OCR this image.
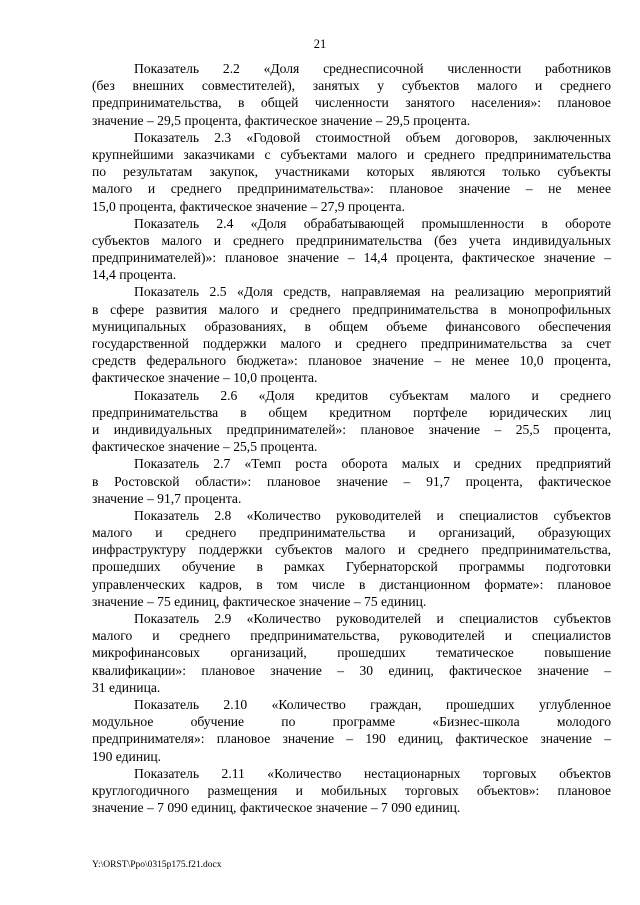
21

Показатель 2.2 «Доля среднесписочной численности работников
(без внешних совместителей), занятых у субъектов малого и среднего
предпринимательства, в общей численности занятого населения»: плановое
значение – 29,5 процента, фактическое значение – 29,5 процента.

Показатель 2.3 «Годовой стоимостной объем договоров, заключенных
крупнейшими заказчиками с субъектами малого и среднего предпринимательства
по результатам закупок, участниками которых являются только субъекты
малого и среднего предпринимательства»: плановое значение – не менее
15,0 процента, фактическое значение – 27,9 процента.

Показатель 2.4 «Доля обрабатывающей промышленности в обороте
субъектов малого и среднего предпринимательства (без учета индивидуальных
предпринимателей)»: плановое значение – 14,4 процента, фактическое значение –
14,4 процента.

Показатель 2.5 «Доля средств, направляемая на реализацию мероприятий
в сфере развития малого и среднего предпринимательства в монопрофильных
муниципальных образованиях, в общем объеме финансового обеспечения
государственной поддержки малого и среднего предпринимательства за счет
средств федерального бюджета»: плановое значение – не менее 10,0 процента,
фактическое значение – 10,0 процента.

Показатель 2.6 «Доля кредитов субъектам малого и среднего
предпринимательства в общем кредитном портфеле юридических лиц
и индивидуальных предпринимателей»: плановое значение – 25,5 процента,
фактическое значение – 25,5 процента.

Показатель 2.7 «Темп роста оборота малых и средних предприятий
в Ростовской области»: плановое значение – 91,7 процента, фактическое
значение – 91,7 процента.

Показатель 2.8 «Количество руководителей и специалистов субъектов
малого и среднего предпринимательства и организаций, образующих
инфраструктуру поддержки субъектов малого и среднего предпринимательства,
прошедших обучение в рамках Губернаторской программы подготовки
управленческих кадров, в том числе в дистанционном формате»: плановое
значение – 75 единиц, фактическое значение – 75 единиц.

Показатель 2.9 «Количество руководителей и специалистов субъектов
малого и среднего предпринимательства, руководителей и специалистов
микрофинансовых организаций, прошедших тематическое повышение
квалификации»: плановое значение – 30 единиц, фактическое значение –
31 единица.

Показатель 2.10 «Количество граждан, прошедших углубленное
модульное обучение по программе «Бизнес-школа молодого
предпринимателя»: плановое значение – 190 единиц, фактическое значение –
190 единиц.

Показатель 2.11 «Количество нестационарных торговых объектов
круглогодичного размещения и мобильных торговых объектов»: плановое
значение – 7 090 единиц, фактическое значение – 7 090 единиц.

Y:\ORST\Ppo\0315p175.f21.docx
